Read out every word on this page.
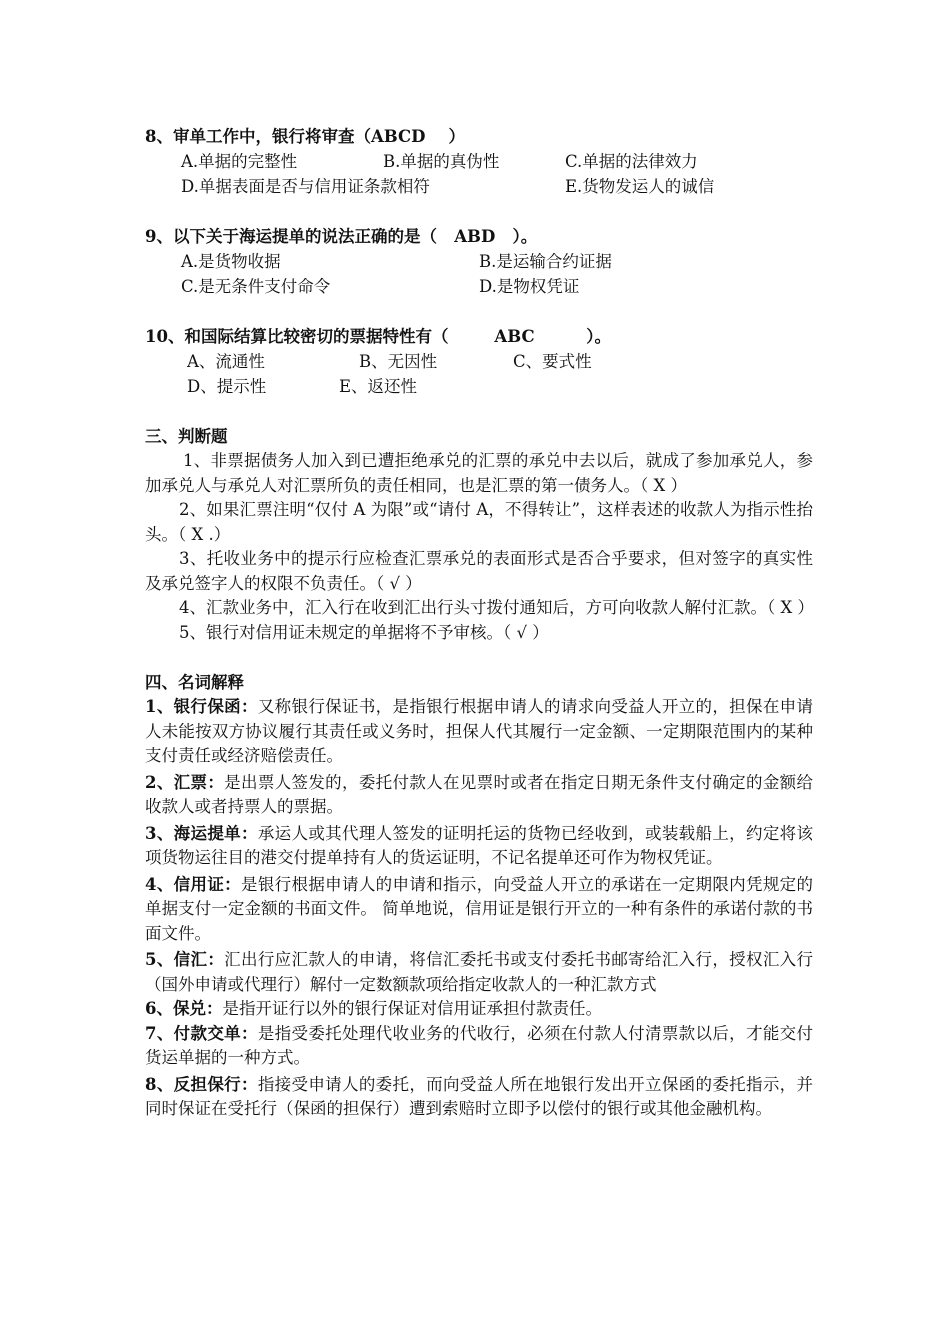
8、审单工作中，银行将审查（ABCD    ）

A.单据的完整性

	B.单据的真伪性

	C.单据的法律效力

D.单据表面是否与信用证条款相符

	E.货物发运人的诚信

9、以下关于海运提单的说法正确的是（   ABD   ）。

A.是货物收据

	B.是运输合约证据

C.是无条件支付命令

	D.是物权凭证

10、和国际结算比较密切的票据特性有（        ABC         ）。

A、流通性

	B、无因性

	C、要式性

D、提示性

	E、返还性

三、判断题
1、非票据债务人加入到已遭拒绝承兑的汇票的承兑中去以后，就成了参加承兑人，参加承兑人与承兑人对汇票所负的责任相同，也是汇票的第一债务人。（ X ）
2、如果汇票注明“仅付 A 为限”或“请付 A，不得转让”，这样表述的收款人为指示性抬头。（ X .）
3、托收业务中的提示行应检查汇票承兑的表面形式是否合乎要求，但对签字的真实性及承兑签字人的权限不负责任。（ √ ）
4、汇款业务中，汇入行在收到汇出行头寸拨付通知后，方可向收款人解付汇款。（ X ）
5、银行对信用证未规定的单据将不予审核。（ √ ）
四、名词解释
1、银行保函：又称银行保证书，是指银行根据申请人的请求向受益人开立的，担保在申请人未能按双方协议履行其责任或义务时，担保人代其履行一定金额、一定期限范围内的某种支付责任或经济赔偿责任。
2、汇票：是出票人签发的，委托付款人在见票时或者在指定日期无条件支付确定的金额给收款人或者持票人的票据。
3、海运提单：承运人或其代理人签发的证明托运的货物已经收到，或装载船上，约定将该项货物运往目的港交付提单持有人的货运证明，不记名提单还可作为物权凭证。
4、信用证：是银行根据申请人的申请和指示，向受益人开立的承诺在一定期限内凭规定的单据支付一定金额的书面文件。 简单地说，信用证是银行开立的一种有条件的承诺付款的书面文件。
5、信汇：汇出行应汇款人的申请，将信汇委托书或支付委托书邮寄给汇入行，授权汇入行（国外申请或代理行）解付一定数额款项给指定收款人的一种汇款方式
6、保兑：是指开证行以外的银行保证对信用证承担付款责任。
7、付款交单：是指受委托处理代收业务的代收行，必须在付款人付清票款以后，才能交付货运单据的一种方式。
8、反担保行：指接受申请人的委托，而向受益人所在地银行发出开立保函的委托指示，并同时保证在受托行（保函的担保行）遭到索赔时立即予以偿付的银行或其他金融机构。
